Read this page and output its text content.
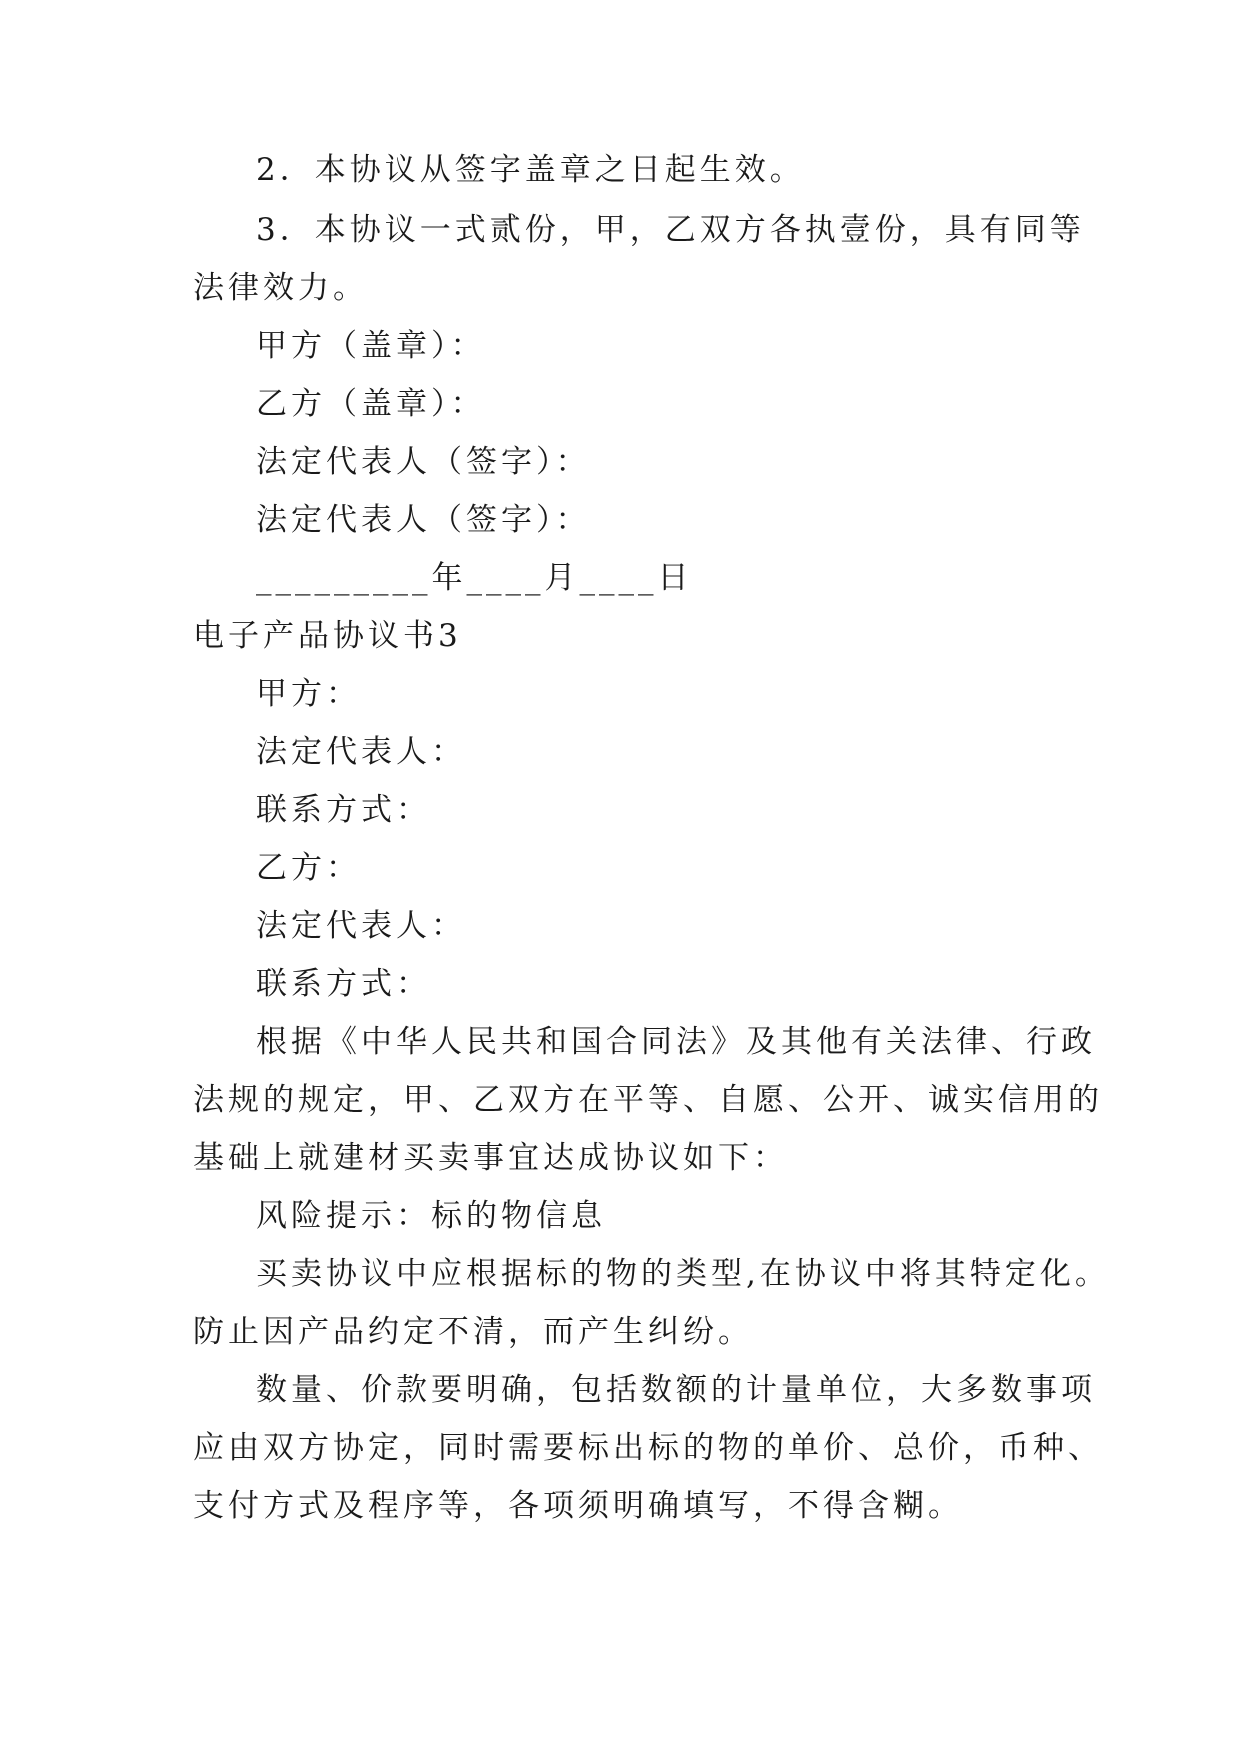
2．本协议从签字盖章之日起生效。
3．本协议一式贰份，甲，乙双方各执壹份，具有同等
法律效力。
甲方（盖章）：
乙方（盖章）：
法定代表人（签字）：
法定代表人（签字）：
_________年____月____日
电子产品协议书3
甲方：
法定代表人：
联系方式：
乙方：
法定代表人：
联系方式：
根据《中华人民共和国合同法》及其他有关法律、行政
法规的规定，甲、乙双方在平等、自愿、公开、诚实信用的
基础上就建材买卖事宜达成协议如下：
风险提示：标的物信息
买卖协议中应根据标的物的类型,在协议中将其特定化。
防止因产品约定不清，而产生纠纷。
数量、价款要明确，包括数额的计量单位，大多数事项
应由双方协定，同时需要标出标的物的单价、总价，币种、
支付方式及程序等，各项须明确填写，不得含糊。
